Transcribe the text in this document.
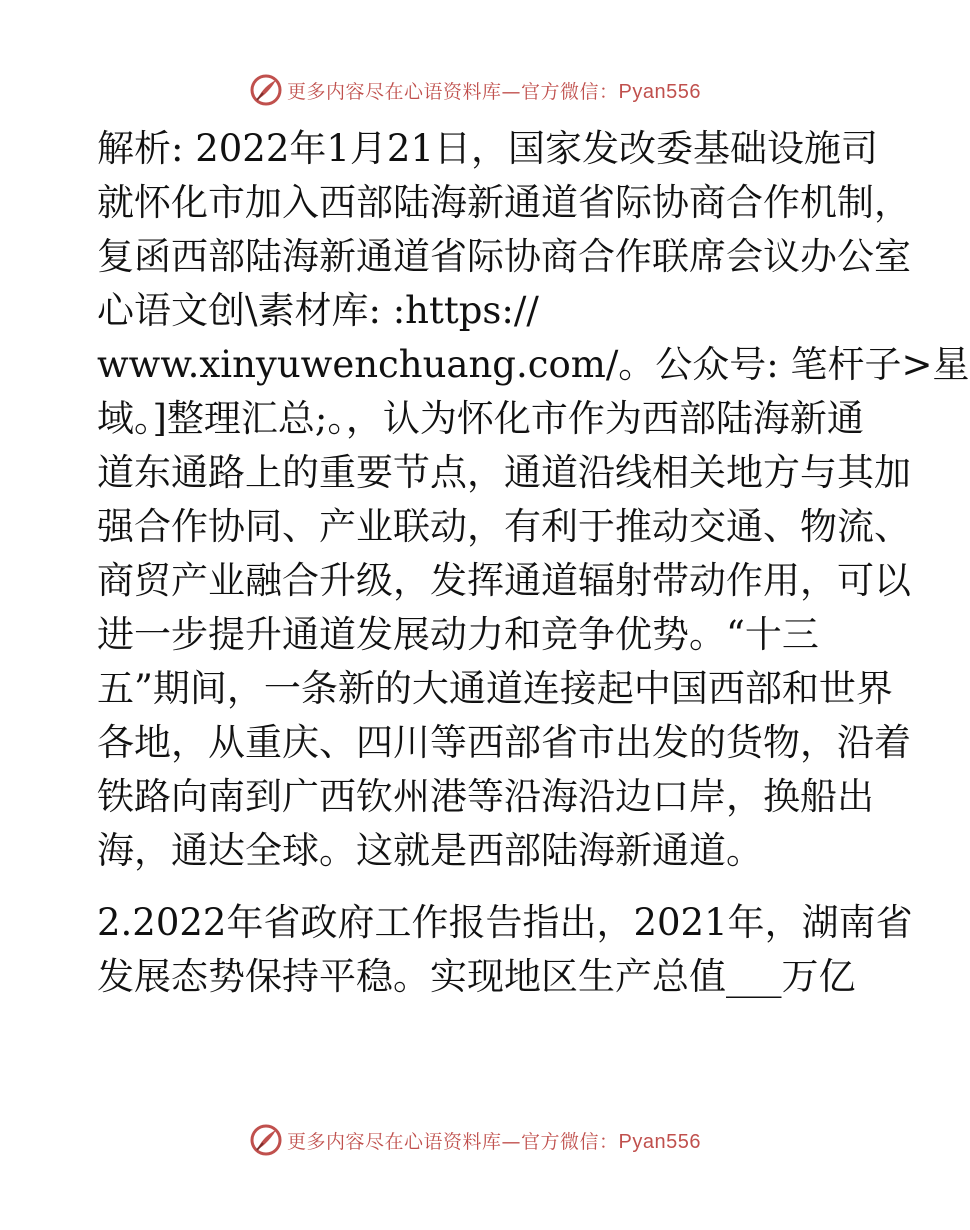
更多内容尽在心语资料库—官方微信：Pyan556
解析: 2022年1月21日，国家发改委基础设施司
就怀化市加入西部陆海新通道省际协商合作机制，
复函西部陆海新通道省际协商合作联席会议办公室
心语文创\素材库: :https://
www.xinyuwenchuang.com/。公众号: 笔杆子>星
域。]整理汇总;。，认为怀化市作为西部陆海新通
道东通路上的重要节点，通道沿线相关地方与其加
强合作协同、产业联动，有利于推动交通、物流、
商贸产业融合升级，发挥通道辐射带动作用，可以
进一步提升通道发展动力和竞争优势。“十三
五”期间，一条新的大通道连接起中国西部和世界
各地，从重庆、四川等西部省市出发的货物，沿着
铁路向南到广西钦州港等沿海沿边口岸，换船出
海，通达全球。这就是西部陆海新通道。
2.2022年省政府工作报告指出，2021年，湖南省
发展态势保持平稳。实现地区生产总值___万亿
更多内容尽在心语资料库—官方微信：Pyan556
